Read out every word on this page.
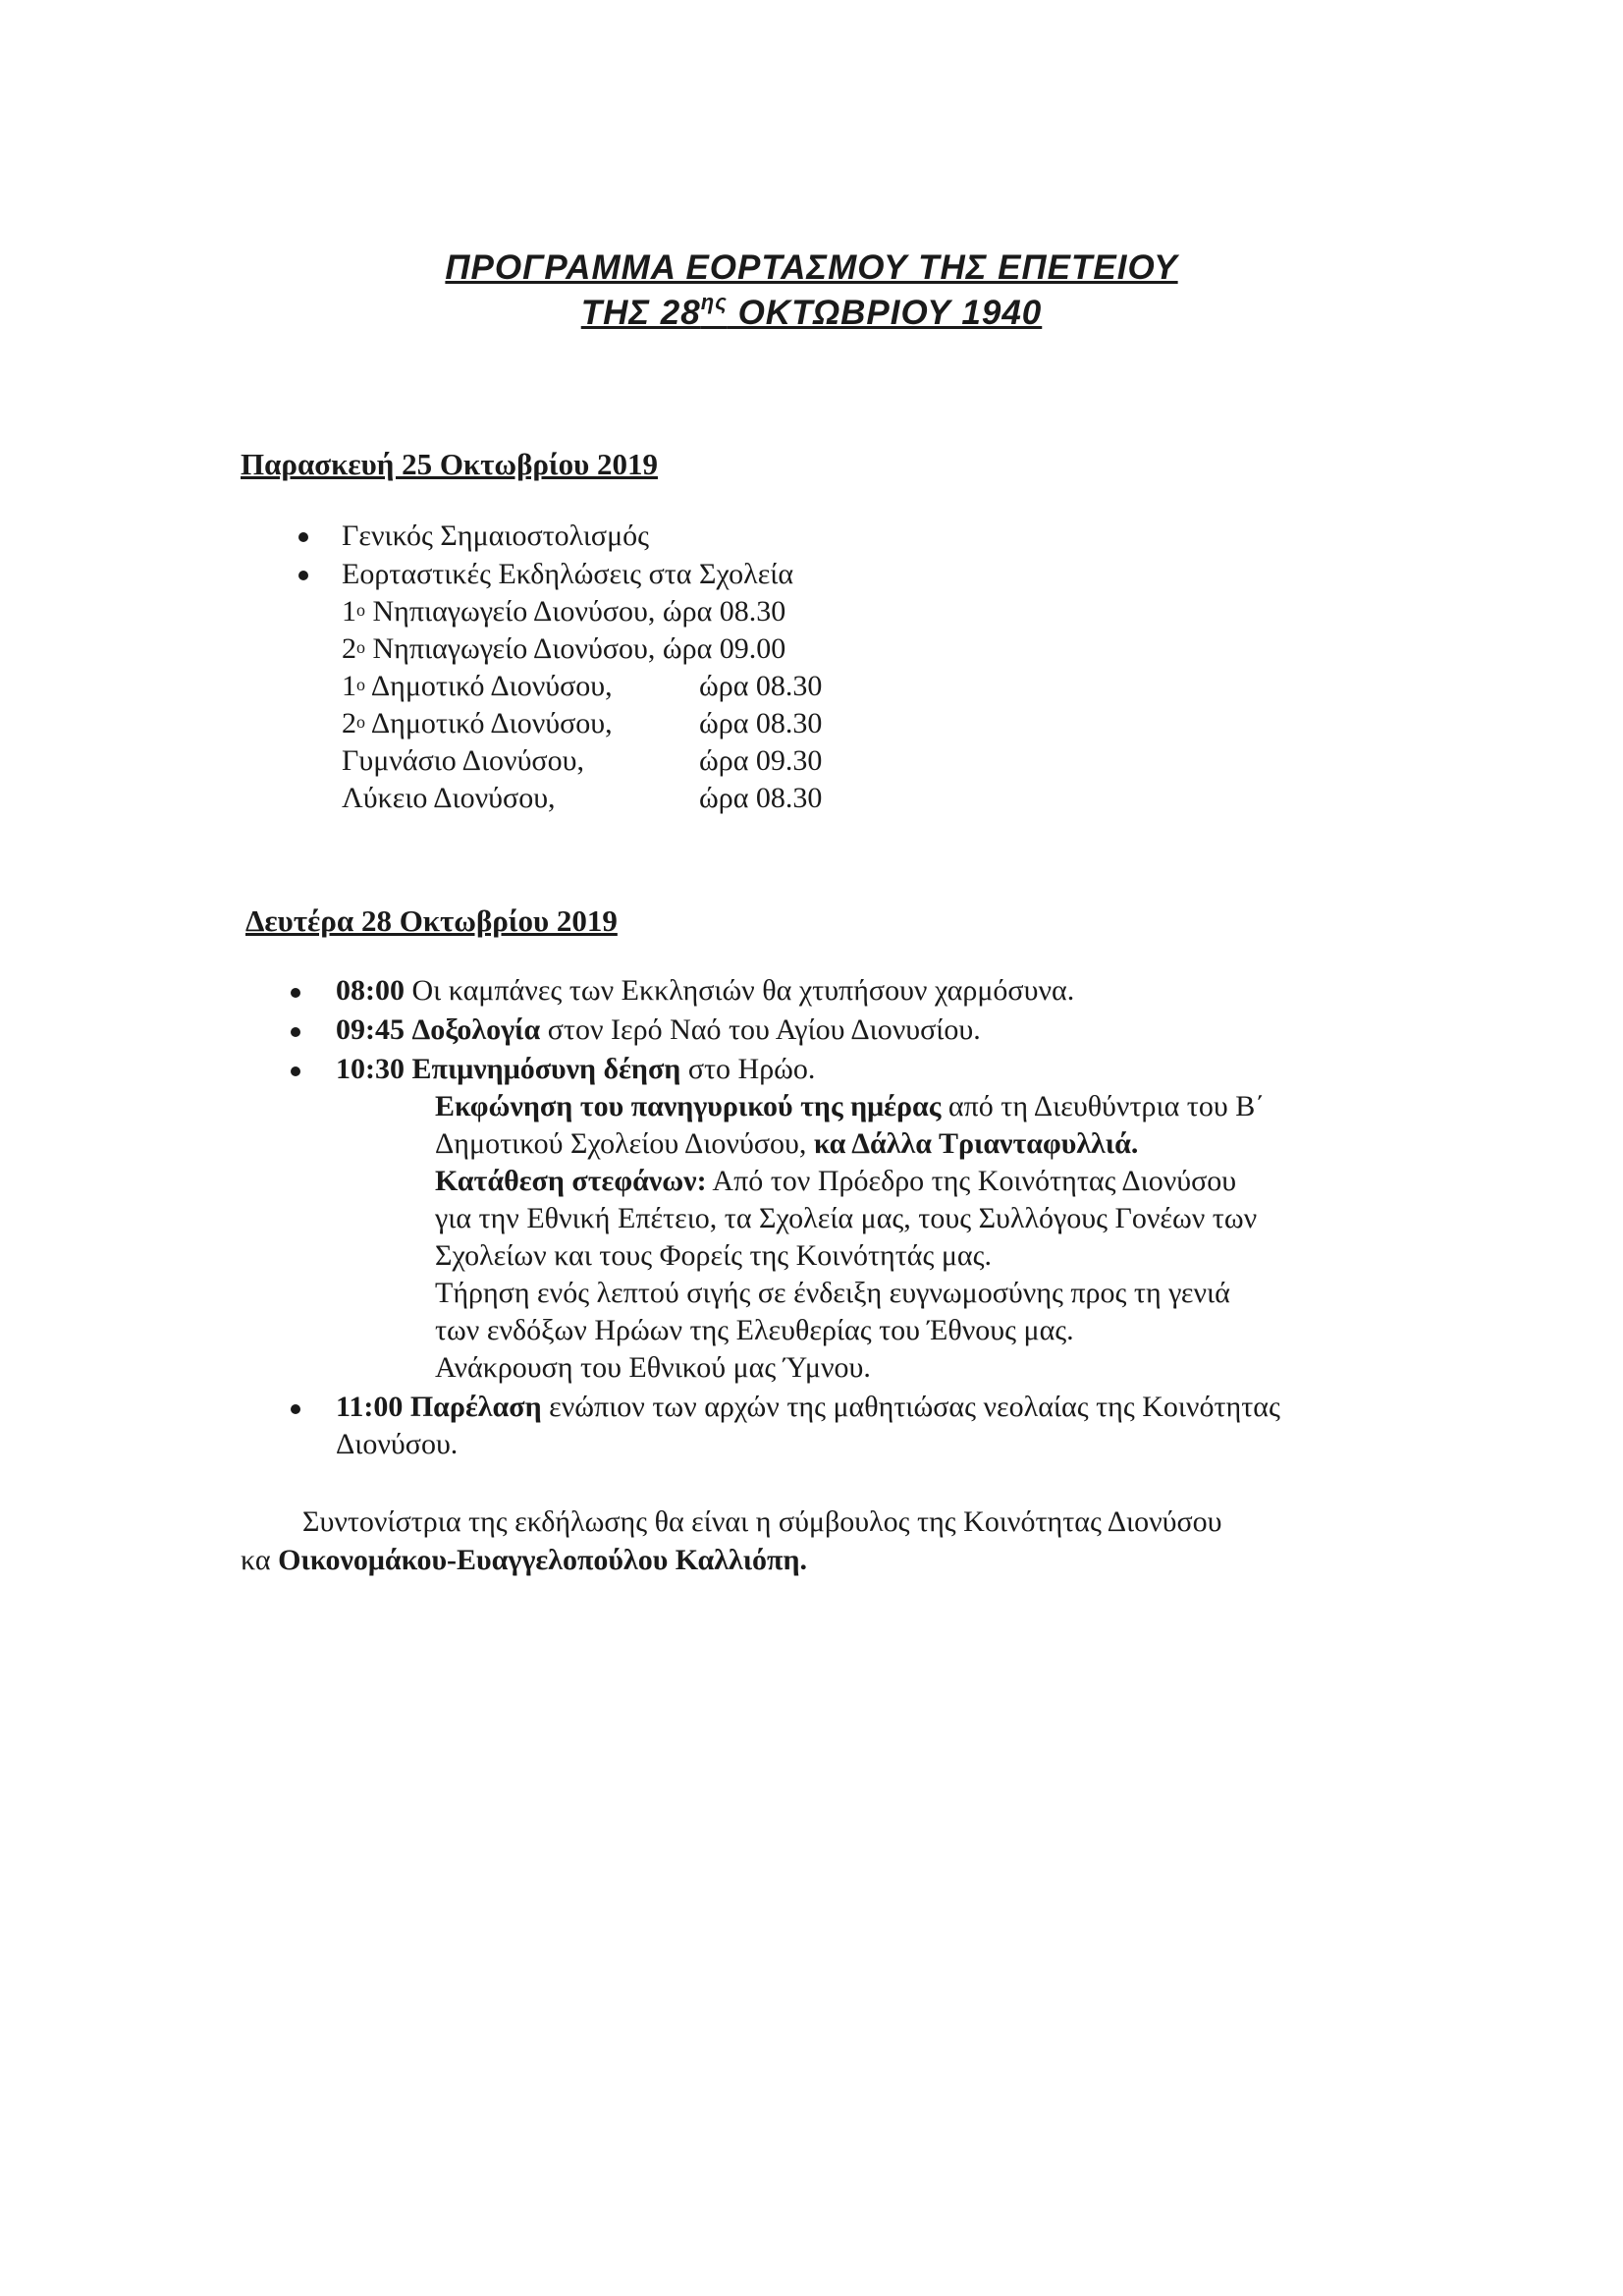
ΠΡΟΓΡΑΜΜΑ ΕΟΡΤΑΣΜΟΥ ΤΗΣ ΕΠΕΤΕΙΟΥ
ΤΗΣ $28^{\eta\varsigma}$ ΟΚΤΩΒΡΙΟΥ 1940
Παρασκευή 25 Οκτωβρίου 2019
Γενικός Σημαιοστολισμός
Εορταστικές Εκδηλώσεις στα Σχολεία
$1^o$ Νηπιαγωγείο Διονύσου, ώρα 08.30
$2^o$ Νηπιαγωγείο Διονύσου, ώρα 09.00
$1^o$ Δημοτικό Διονύσου,	ώρα 08.30
$2^o$ Δημοτικό Διονύσου,	ώρα 08.30
Γυμνάσιο Διονύσου,	ώρα 09.30
Λύκειο Διονύσου,	ώρα 08.30
Δευτέρα 28 Οκτωβρίου 2019
08:00 Οι καμπάνες των Εκκλησιών θα χτυπήσουν χαρμόσυνα.
09:45 Δοξολογία στον Ιερό Ναό του Αγίου Διονυσίου.
10:30 Επιμνημόσυνη δέηση στο Ηρώο.
Εκφώνηση του πανηγυρικού της ημέρας από τη Διευθύντρια του Β΄
Δημοτικού Σχολείου Διονύσου, κα Δάλλα Τριανταφυλλιά.
Κατάθεση στεφάνων: Από τον Πρόεδρο της Κοινότητας Διονύσου
για την Εθνική Επέτειο, τα Σχολεία μας, τους Συλλόγους Γονέων των
Σχολείων και τους Φορείς της Κοινότητάς μας.
Τήρηση ενός λεπτού σιγής σε ένδειξη ευγνωμοσύνης προς τη γενιά
των ενδόξων Ηρώων της Ελευθερίας του Έθνους μας.
Ανάκρουση του Εθνικού μας Ύμνου.
11:00 Παρέλαση ενώπιον των αρχών της μαθητιώσας νεολαίας της Κοινότητας
Διονύσου.
Συντονίστρια της εκδήλωσης θα είναι η σύμβουλος της Κοινότητας Διονύσου
κα Οικονομάκου-Ευαγγελοπούλου Καλλιόπη.
